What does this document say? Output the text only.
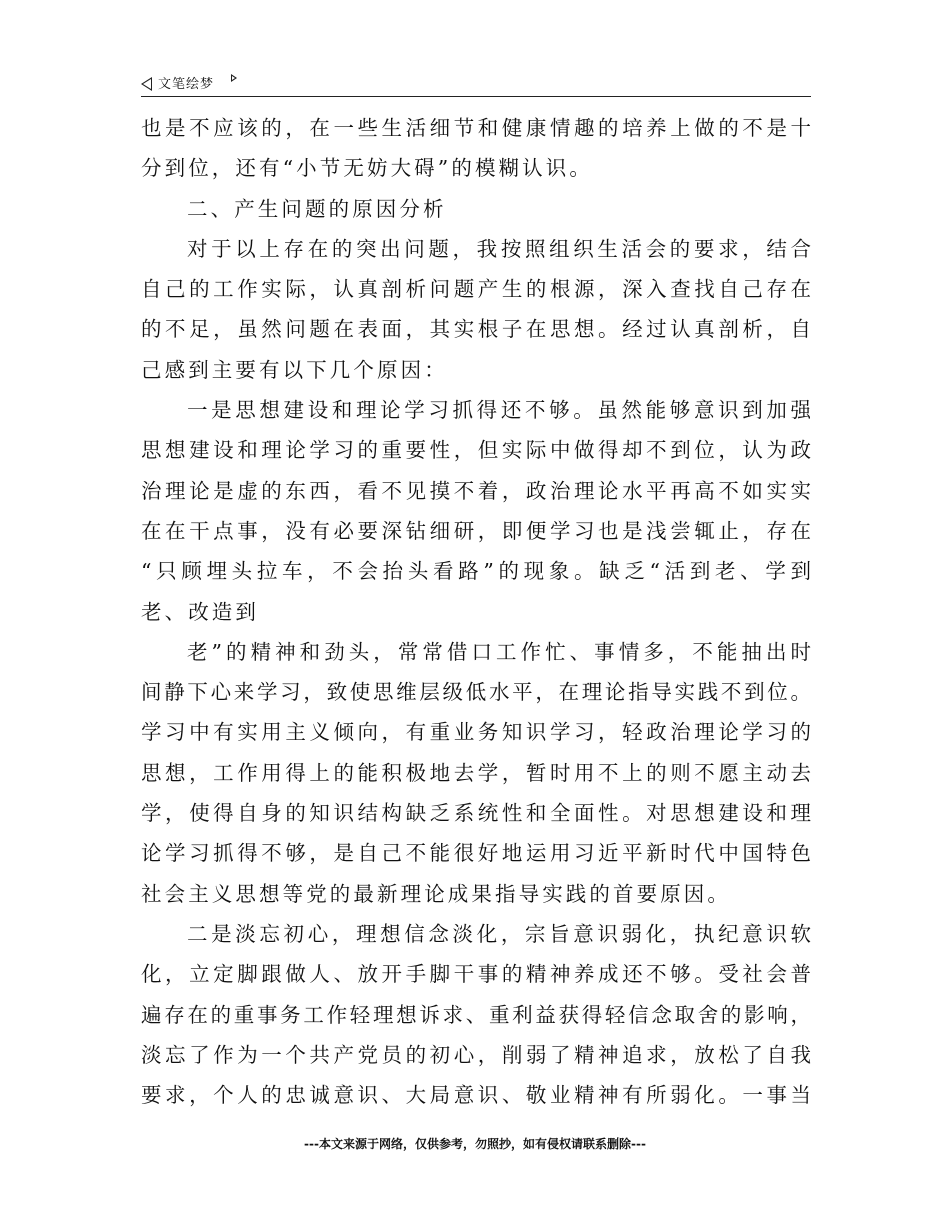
文笔绘梦
也是不应该的，在一些生活细节和健康情趣的培养上做的不是十
分到位，还有“小节无妨大碍”的模糊认识。
二、产生问题的原因分析
对于以上存在的突出问题，我按照组织生活会的要求，结合
自己的工作实际，认真剖析问题产生的根源，深入查找自己存在
的不足，虽然问题在表面，其实根子在思想。经过认真剖析，自
己感到主要有以下几个原因：
一是思想建设和理论学习抓得还不够。虽然能够意识到加强
思想建设和理论学习的重要性，但实际中做得却不到位，认为政
治理论是虚的东西，看不见摸不着，政治理论水平再高不如实实
在在干点事，没有必要深钻细研，即便学习也是浅尝辄止，存在
“只顾埋头拉车，不会抬头看路”的现象。缺乏“活到老、学到
老、改造到
老”的精神和劲头，常常借口工作忙、事情多，不能抽出时
间静下心来学习，致使思维层级低水平，在理论指导实践不到位。
学习中有实用主义倾向，有重业务知识学习，轻政治理论学习的
思想，工作用得上的能积极地去学，暂时用不上的则不愿主动去
学，使得自身的知识结构缺乏系统性和全面性。对思想建设和理
论学习抓得不够，是自己不能很好地运用习近平新时代中国特色
社会主义思想等党的最新理论成果指导实践的首要原因。
二是淡忘初心，理想信念淡化，宗旨意识弱化，执纪意识软
化，立定脚跟做人、放开手脚干事的精神养成还不够。受社会普
遍存在的重事务工作轻理想诉求、重利益获得轻信念取舍的影响，
淡忘了作为一个共产党员的初心，削弱了精神追求，放松了自我
要求，个人的忠诚意识、大局意识、敬业精神有所弱化。一事当
---本文来源于网络，仅供参考，勿照抄，如有侵权请联系删除---
